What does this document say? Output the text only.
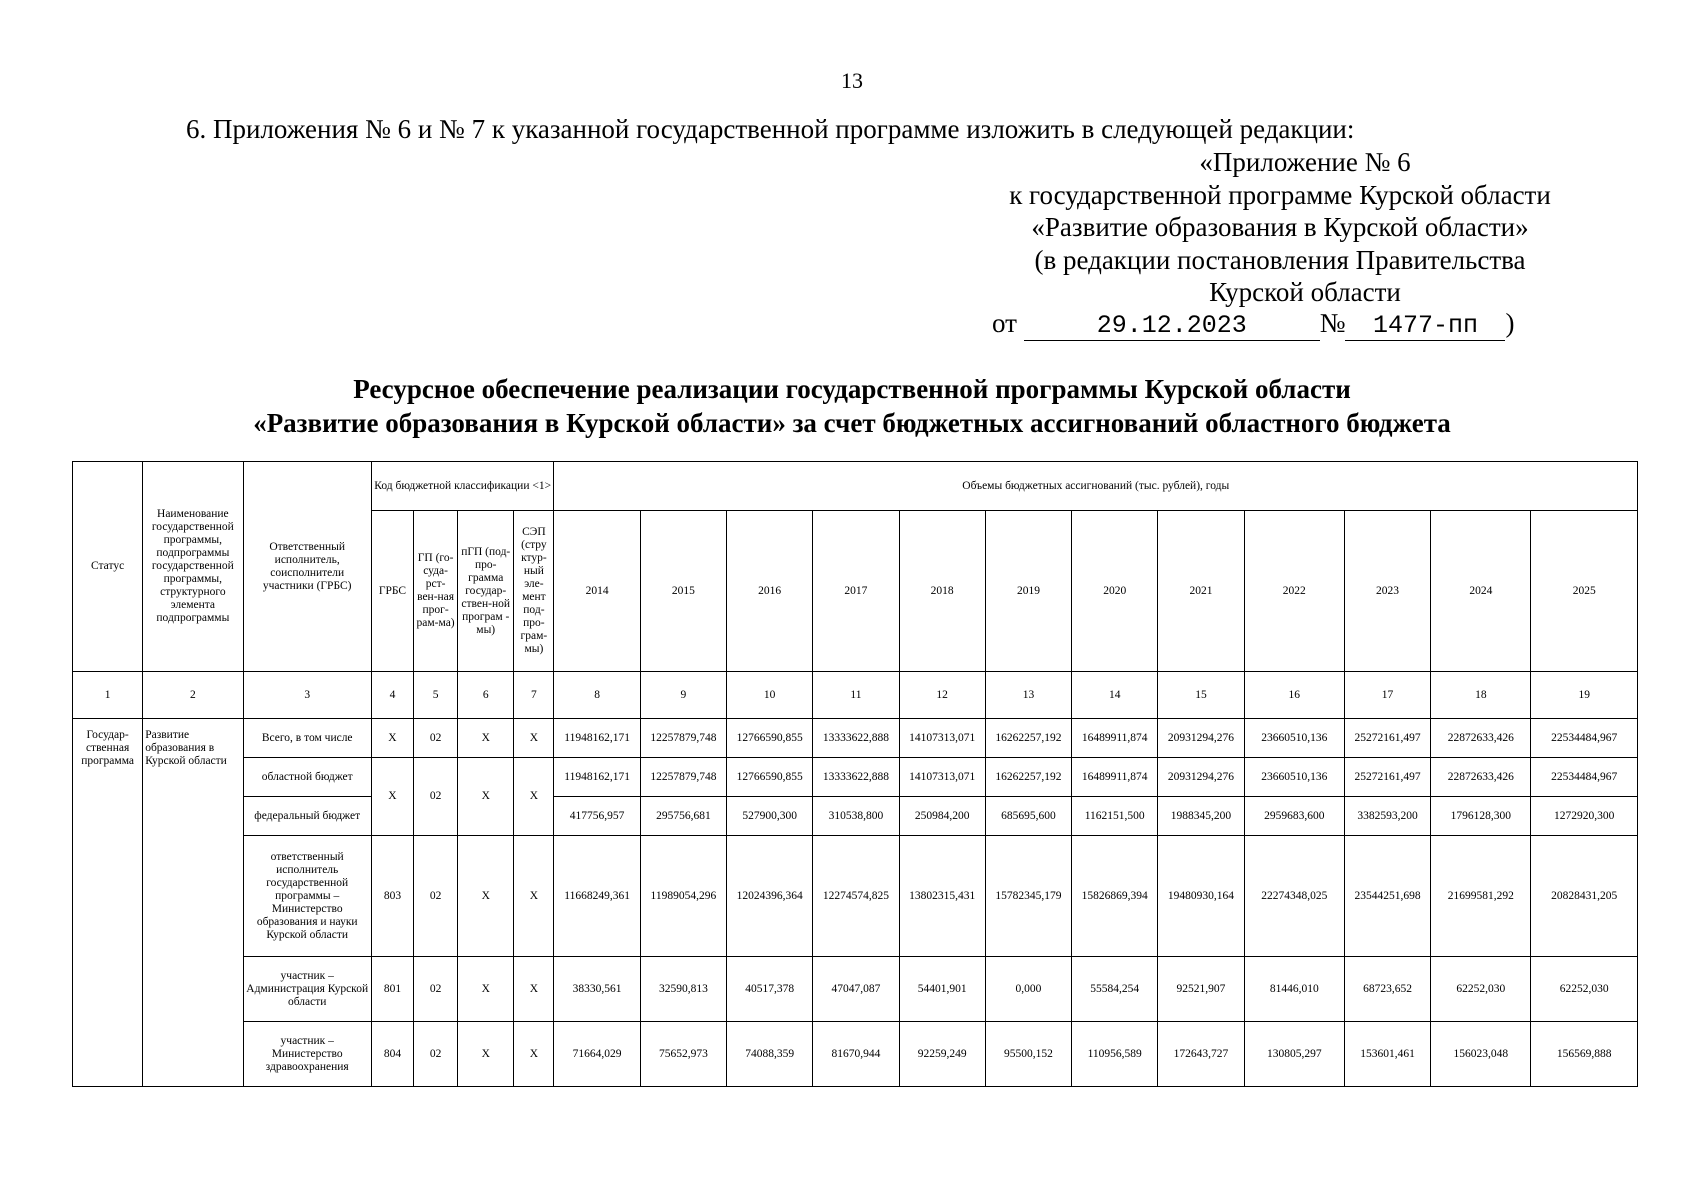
13
6. Приложения № 6 и № 7 к указанной государственной программе изложить в следующей редакции:
«Приложение № 6
к государственной программе Курской области
«Развитие образования в Курской области»
(в редакции постановления Правительства
Курской области
от	29.12.2023	№ 1477-пп )
Ресурсное обеспечение реализации государственной программы Курской области
«Развитие образования в Курской области» за счет бюджетных ассигнований областного бюджета
Статус	Наименование государственной программы, подпрограммы государственной программы, структурного элемента подпрограммы	Ответственный исполнитель, соисполнители участники (ГРБС)	Код бюджетной классификации <1>				Объемы бюджетных ассигнований (тыс. рублей), годы											
			ГРБС	ГП (го-суда-рст-вен-ная прог-рам-ма)	пГП (под-про-грамма государ-ствен-ной програм - мы)	СЭП (стру ктур-ный эле-мент под-про-грам-мы)	2014	2015	2016	2017	2018	2019	2020	2021	2022	2023	2024	2025
1	2	3	4	5	6	7	8	9	10	11	12	13	14	15	16	17	18	19
Государ-ственная программа	Развитие образования в Курской области	Всего, в том числе	X	02	X	X	11948162,171	12257879,748	12766590,855	13333622,888	14107313,071	16262257,192	16489911,874	20931294,276	23660510,136	25272161,497	22872633,426	22534484,967
		областной бюджет	X	02	X	X	11948162,171	12257879,748	12766590,855	13333622,888	14107313,071	16262257,192	16489911,874	20931294,276	23660510,136	25272161,497	22872633,426	22534484,967
		федеральный бюджет					417756,957	295756,681	527900,300	310538,800	250984,200	685695,600	1162151,500	1988345,200	2959683,600	3382593,200	1796128,300	1272920,300
		ответственный исполнитель государственной программы – Министерство образования и науки Курской области	803	02	X	X	11668249,361	11989054,296	12024396,364	12274574,825	13802315,431	15782345,179	15826869,394	19480930,164	22274348,025	23544251,698	21699581,292	20828431,205
		участник – Администрация Курской области	801	02	X	X	38330,561	32590,813	40517,378	47047,087	54401,901	0,000	55584,254	92521,907	81446,010	68723,652	62252,030	62252,030
		участник – Министерство здравоохранения	804	02	X	X	71664,029	75652,973	74088,359	81670,944	92259,249	95500,152	110956,589	172643,727	130805,297	153601,461	156023,048	156569,888
